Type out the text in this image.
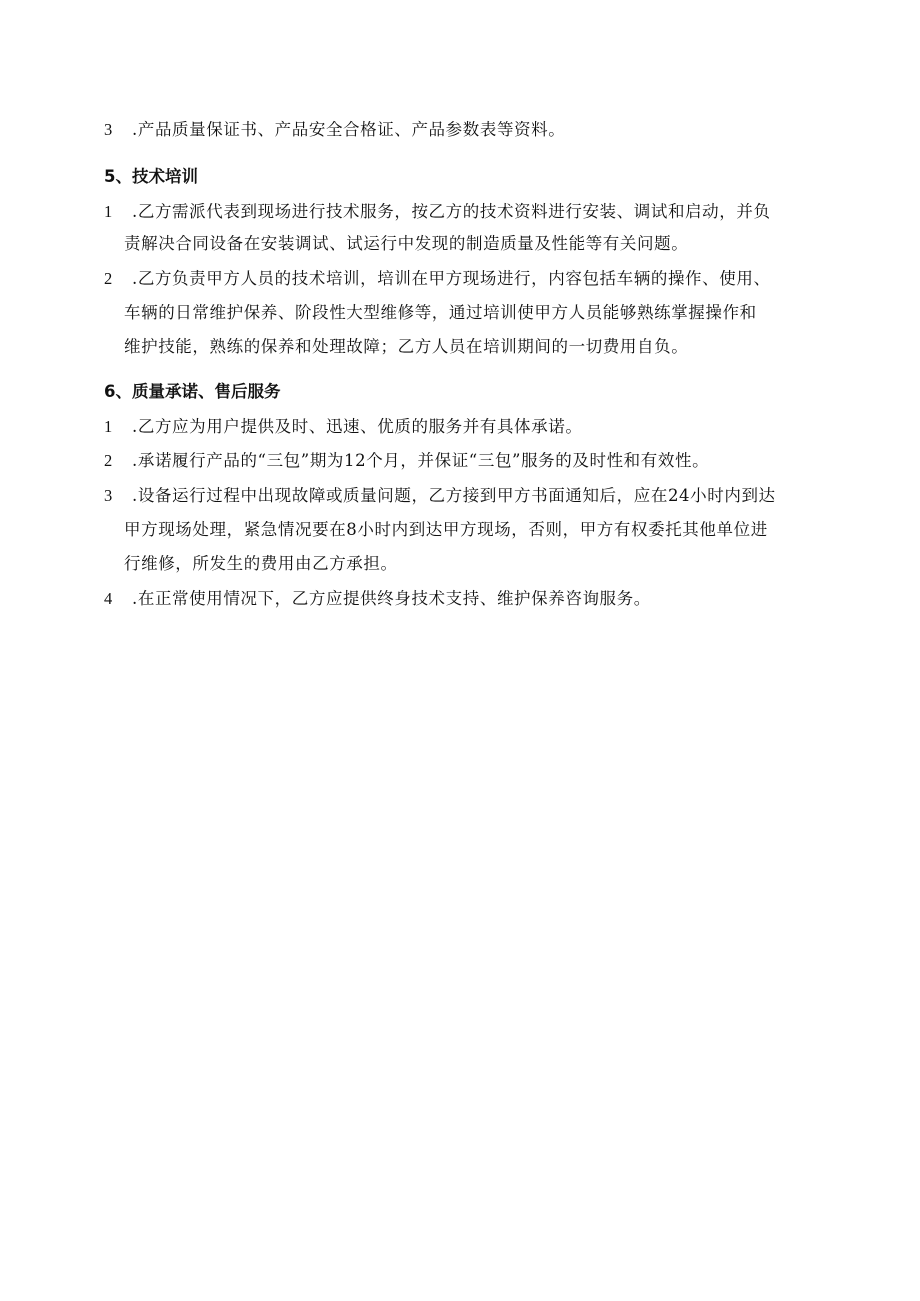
3 .产品质量保证书、产品安全合格证、产品参数表等资料。
5、技术培训
1 .乙方需派代表到现场进行技术服务，按乙方的技术资料进行安装、调试和启动，并负
责解决合同设备在安装调试、试运行中发现的制造质量及性能等有关问题。
2 .乙方负责甲方人员的技术培训，培训在甲方现场进行，内容包括车辆的操作、使用、
车辆的日常维护保养、阶段性大型维修等，通过培训使甲方人员能够熟练掌握操作和
维护技能，熟练的保养和处理故障；乙方人员在培训期间的一切费用自负。
6、质量承诺、售后服务
1 .乙方应为用户提供及时、迅速、优质的服务并有具体承诺。
2 .承诺履行产品的“三包”期为12个月，并保证“三包”服务的及时性和有效性。
3 .设备运行过程中出现故障或质量问题，乙方接到甲方书面通知后，应在24小时内到达
甲方现场处理，紧急情况要在8小时内到达甲方现场，否则，甲方有权委托其他单位进
行维修，所发生的费用由乙方承担。
4 .在正常使用情况下，乙方应提供终身技术支持、维护保养咨询服务。
